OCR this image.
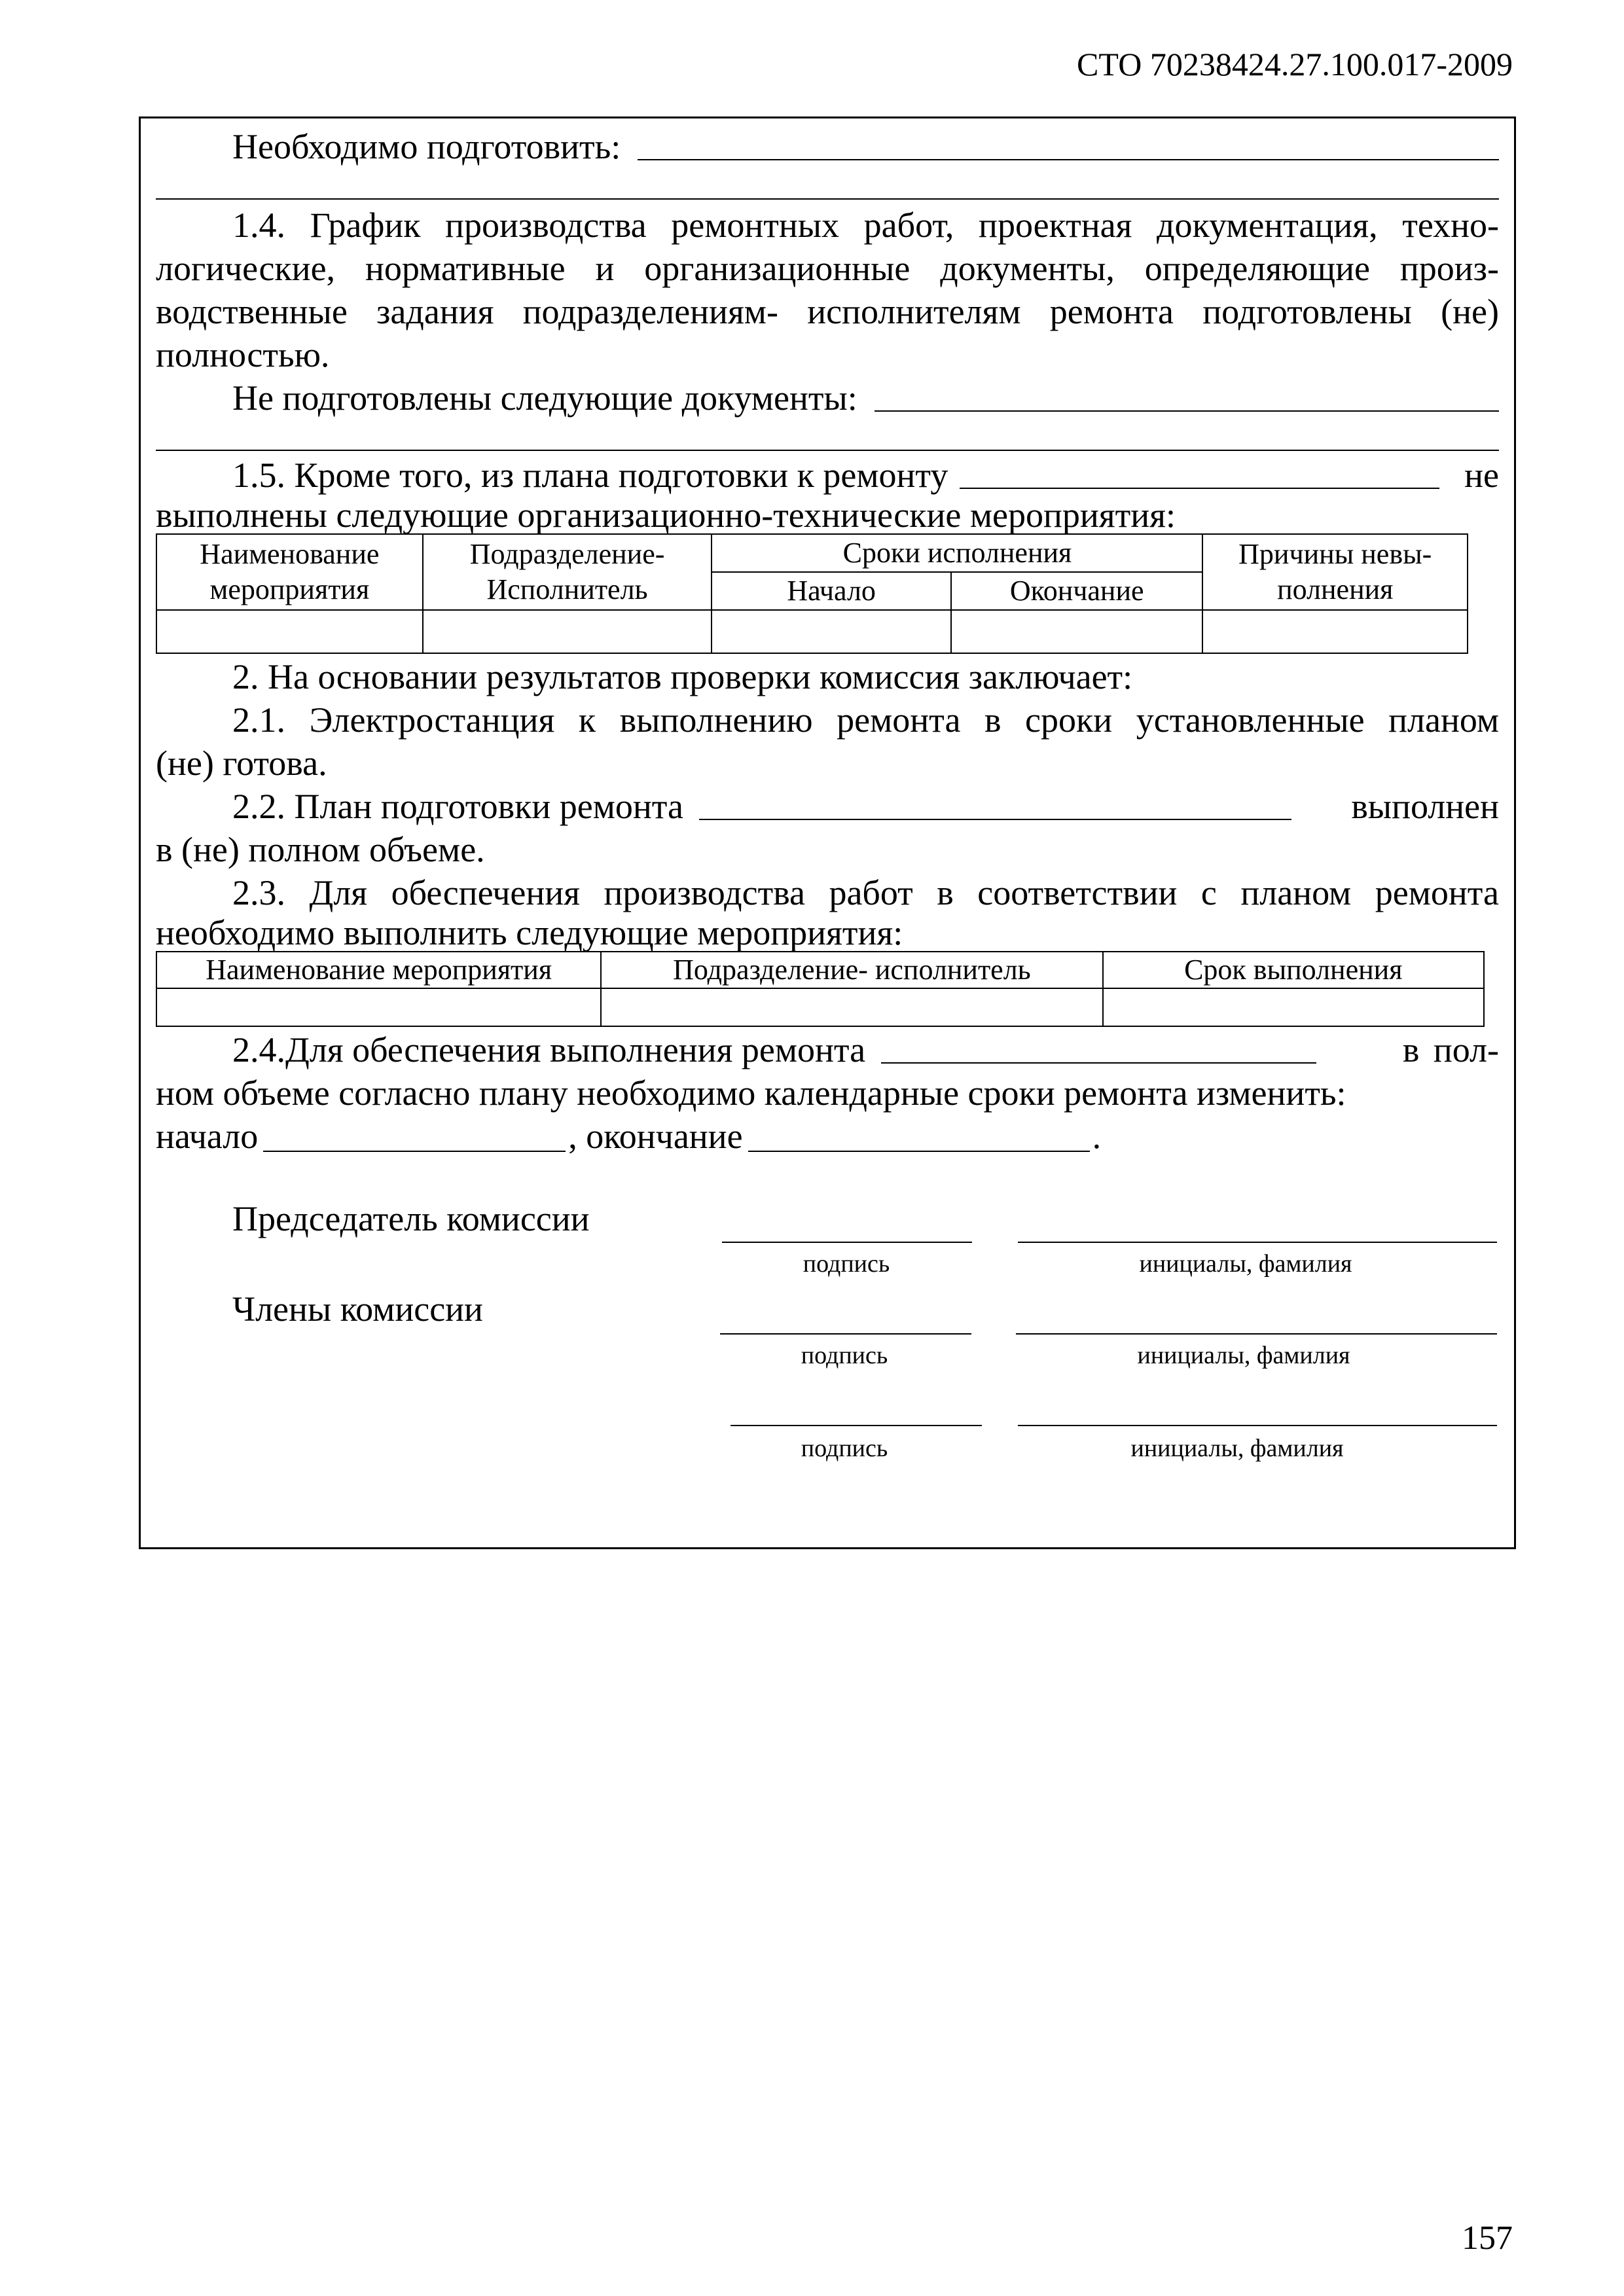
СТО 70238424.27.100.017-2009
Необходимо подготовить:
1.4. График производства ремонтных работ, проектная документация, техно-
логические, нормативные и организационные документы, определяющие произ-
водственные задания подразделениям- исполнителям ремонта подготовлены (не)
полностью.
Не подготовлены следующие документы:
1.5. Кроме того, из плана подготовки к ремонту	не
выполнены следующие организационно-технические мероприятия:
Наименование мероприятия	Подразделение- Исполнитель	Сроки исполнения		Причины невы- полнения
		Начало	Окончание	

2. На основании результатов проверки комиссия заключает:
2.1. Электростанция к выполнению ремонта в сроки установленные планом
(не) готова.
2.2. План подготовки ремонта	выполнен
в (не) полном объеме.
2.3. Для обеспечения производства работ в соответствии с планом ремонта
необходимо выполнить следующие мероприятия:
Наименование мероприятия	Подразделение- исполнитель	Срок выполнения

2.4.Для обеспечения выполнения ремонта	в пол-
ном объеме согласно плану необходимо календарные сроки ремонта изменить:
начало	, окончание	.
Председатель комиссии
подпись	инициалы, фамилия
Члены комиссии
подпись	инициалы, фамилия
подпись	инициалы, фамилия
157
